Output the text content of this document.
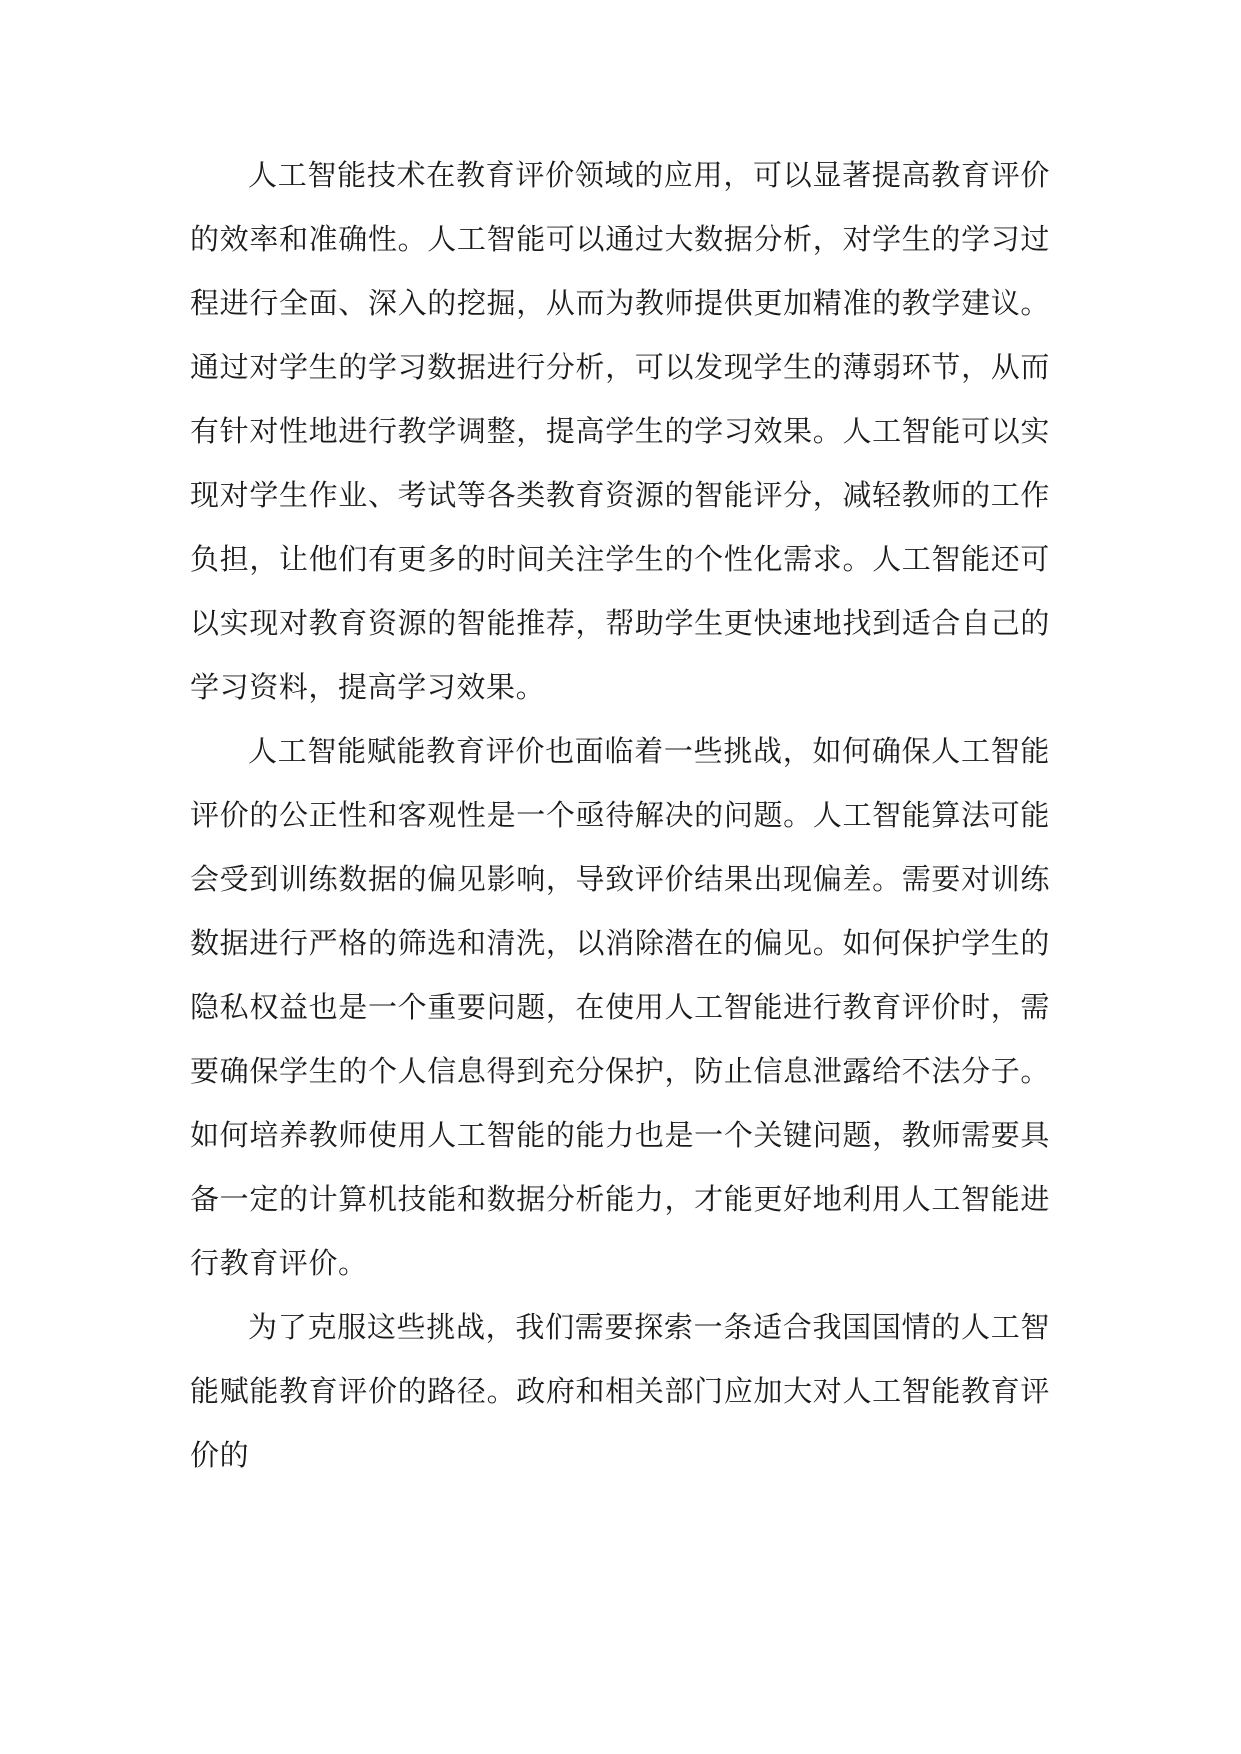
人工智能技术在教育评价领域的应用，可以显著提高教育评价的效率和准确性。人工智能可以通过大数据分析，对学生的学习过程进行全面、深入的挖掘，从而为教师提供更加精准的教学建议。通过对学生的学习数据进行分析，可以发现学生的薄弱环节，从而有针对性地进行教学调整，提高学生的学习效果。人工智能可以实现对学生作业、考试等各类教育资源的智能评分，减轻教师的工作负担，让他们有更多的时间关注学生的个性化需求。人工智能还可以实现对教育资源的智能推荐，帮助学生更快速地找到适合自己的学习资料，提高学习效果。

人工智能赋能教育评价也面临着一些挑战，如何确保人工智能评价的公正性和客观性是一个亟待解决的问题。人工智能算法可能会受到训练数据的偏见影响，导致评价结果出现偏差。需要对训练数据进行严格的筛选和清洗，以消除潜在的偏见。如何保护学生的隐私权益也是一个重要问题，在使用人工智能进行教育评价时，需要确保学生的个人信息得到充分保护，防止信息泄露给不法分子。如何培养教师使用人工智能的能力也是一个关键问题，教师需要具备一定的计算机技能和数据分析能力，才能更好地利用人工智能进行教育评价。

为了克服这些挑战，我们需要探索一条适合我国国情的人工智能赋能教育评价的路径。政府和相关部门应加大对人工智能教育评价的
